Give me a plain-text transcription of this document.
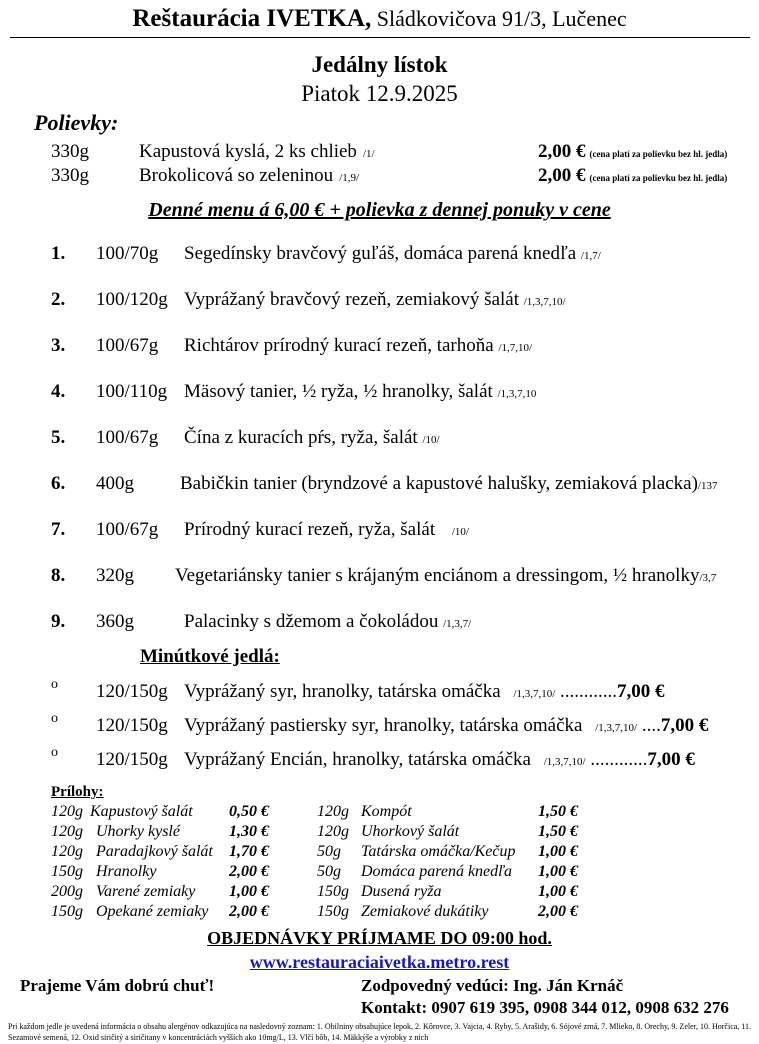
Reštaurácia IVETKA, Sládkovičova 91/3, Lučenec
Jedálny lístok
Piatok 12.9.2025
Polievky:
330g	Kapustová kyslá, 2 ks chlieb /1/	2,00 € (cena platí za polievku bez hl. jedla)
330g	Brokolicová so zeleninou /1,9/	2,00 € (cena platí za polievku bez hl. jedla)
Denné menu á 6,00 € + polievka z dennej ponuky v cene
1. 100/70g Segedínsky bravčový guľáš, domáca parená knedľa /1,7/
2. 100/120g Vyprážaný bravčový rezeň, zemiakový šalát /1,3,7,10/
3. 100/67g Richtárov prírodný kurací rezeň, tarhoňa /1,7,10/
4. 100/110g Mäsový tanier, ½ ryža, ½ hranolky, šalát /1,3,7,10
5. 100/67g Čína z kuracích pŕs, ryža, šalát /10/
6. 400g Babičkin tanier (bryndzové a kapustové halušky, zemiaková placka)/137
7. 100/67g Prírodný kurací rezeň, ryža, šalát /10/
8. 320g Vegetariánsky tanier s krájaným enciánom a dressingom, ½ hranolky/3,7
9. 360g	Palacinky s džemom a čokoládou /1,3,7/
Minútkové jedlá:
o 120/150g Vyprážaný syr, hranolky, tatárska omáčka /1,3,7,10/ ............7,00 €
o 120/150g Vyprážaný pastiersky syr, hranolky, tatárska omáčka /1,3,7,10/ ....7,00 €
o 120/150g Vyprážaný Encián, hranolky, tatárska omáčka /1,3,7,10/ ............7,00 €
Prílohy:
120g Kapustový šalát 0,50 €	120g Kompót	1,50 €
120g Uhorky kyslé	1,30 €	120g Uhorkový šalát	1,50 €
120g Paradajkový šalát 1,70 €	50g Tatárska omáčka/Kečup 1,00 €
150g Hranolky	2,00 €	50g Domáca parená knedľa 1,00 €
200g Varené zemiaky 1,00 €	150g Dusená ryža	1,00 €
150g Opekané zemiaky 2,00 €	150g Zemiakové dukátiky	2,00 €
OBJEDNÁVKY PRÍJMAME DO 09:00 hod.
www.restauraciaivetka.metro.rest
Prajeme Vám dobrú chuť!	Zodpovedný vedúci: Ing. Ján Krnáč
Kontakt: 0907 619 395, 0908 344 012, 0908 632 276
Pri každom jedle je uvedená informácia o obsahu alergénov odkazujúca na nasledovný zoznam: 1. Obilniny obsahujúce lepok, 2. Kôrovce, 3. Vajcia, 4. Ryby, 5. Arašidy, 6. Sójové zrná, 7. Mlieko, 8. Orechy, 9. Zeler, 10. Horčica, 11. Sezamové semená, 12. Oxid siričitý a siričitany v koncentráciách vyšších ako 10mg/L, 13. Vlčí bôb, 14. Mäkkýše a výrobky z nich
